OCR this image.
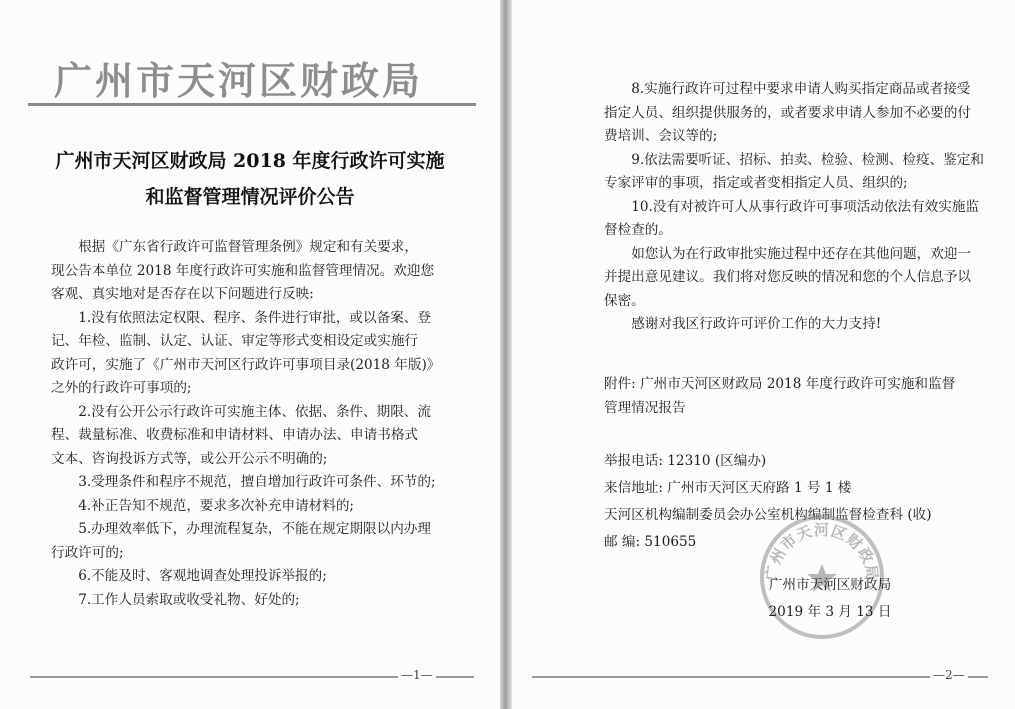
广州市天河区财政局
广州市天河区财政局 2018 年度行政许可实施
和监督管理情况评价公告

根据《广东省行政许可监督管理条例》规定和有关要求，

现公告本单位 2018 年度行政许可实施和监督管理情况。欢迎您

客观、真实地对是否存在以下问题进行反映:

1.没有依照法定权限、程序、条件进行审批，或以备案、登

记、年检、监制、认定、认证、审定等形式变相设定或实施行

政许可，实施了《广州市天河区行政许可事项目录(2018 年版)》

之外的行政许可事项的;

2.没有公开公示行政许可实施主体、依据、条件、期限、流

程、裁量标准、收费标准和申请材料、申请办法、申请书格式

文本、咨询投诉方式等，或公开公示不明确的;

3.受理条件和程序不规范，擅自增加行政许可条件、环节的;

4.补正告知不规范，要求多次补充申请材料的;

5.办理效率低下，办理流程复杂，不能在规定期限以内办理

行政许可的;

6.不能及时、客观地调查处理投诉举报的;

7.工作人员索取或收受礼物、好处的;

—1—	—2—

8.实施行政许可过程中要求申请人购买指定商品或者接受

指定人员、组织提供服务的，或者要求申请人参加不必要的付

费培训、会议等的;

9.依法需要听证、招标、拍卖、检验、检测、检疫、鉴定和

专家评审的事项，指定或者变相指定人员、组织的;

10.没有对被许可人从事行政许可事项活动依法有效实施监

督检查的。

如您认为在行政审批实施过程中还存在其他问题，欢迎一

并提出意见建议。我们将对您反映的情况和您的个人信息予以

保密。

感谢对我区行政许可评价工作的大力支持!

附件: 广州市天河区财政局 2018 年度行政许可实施和监督

管理情况报告

举报电话: 12310 (区编办)

来信地址: 广州市天河区天府路 1 号 1 楼

天河区机构编制委员会办公室机构编制监督检查科 (收)

邮 编: 510655

广州市天河区财政局

广州市天河区财政局

2019 年 3 月 13 日
